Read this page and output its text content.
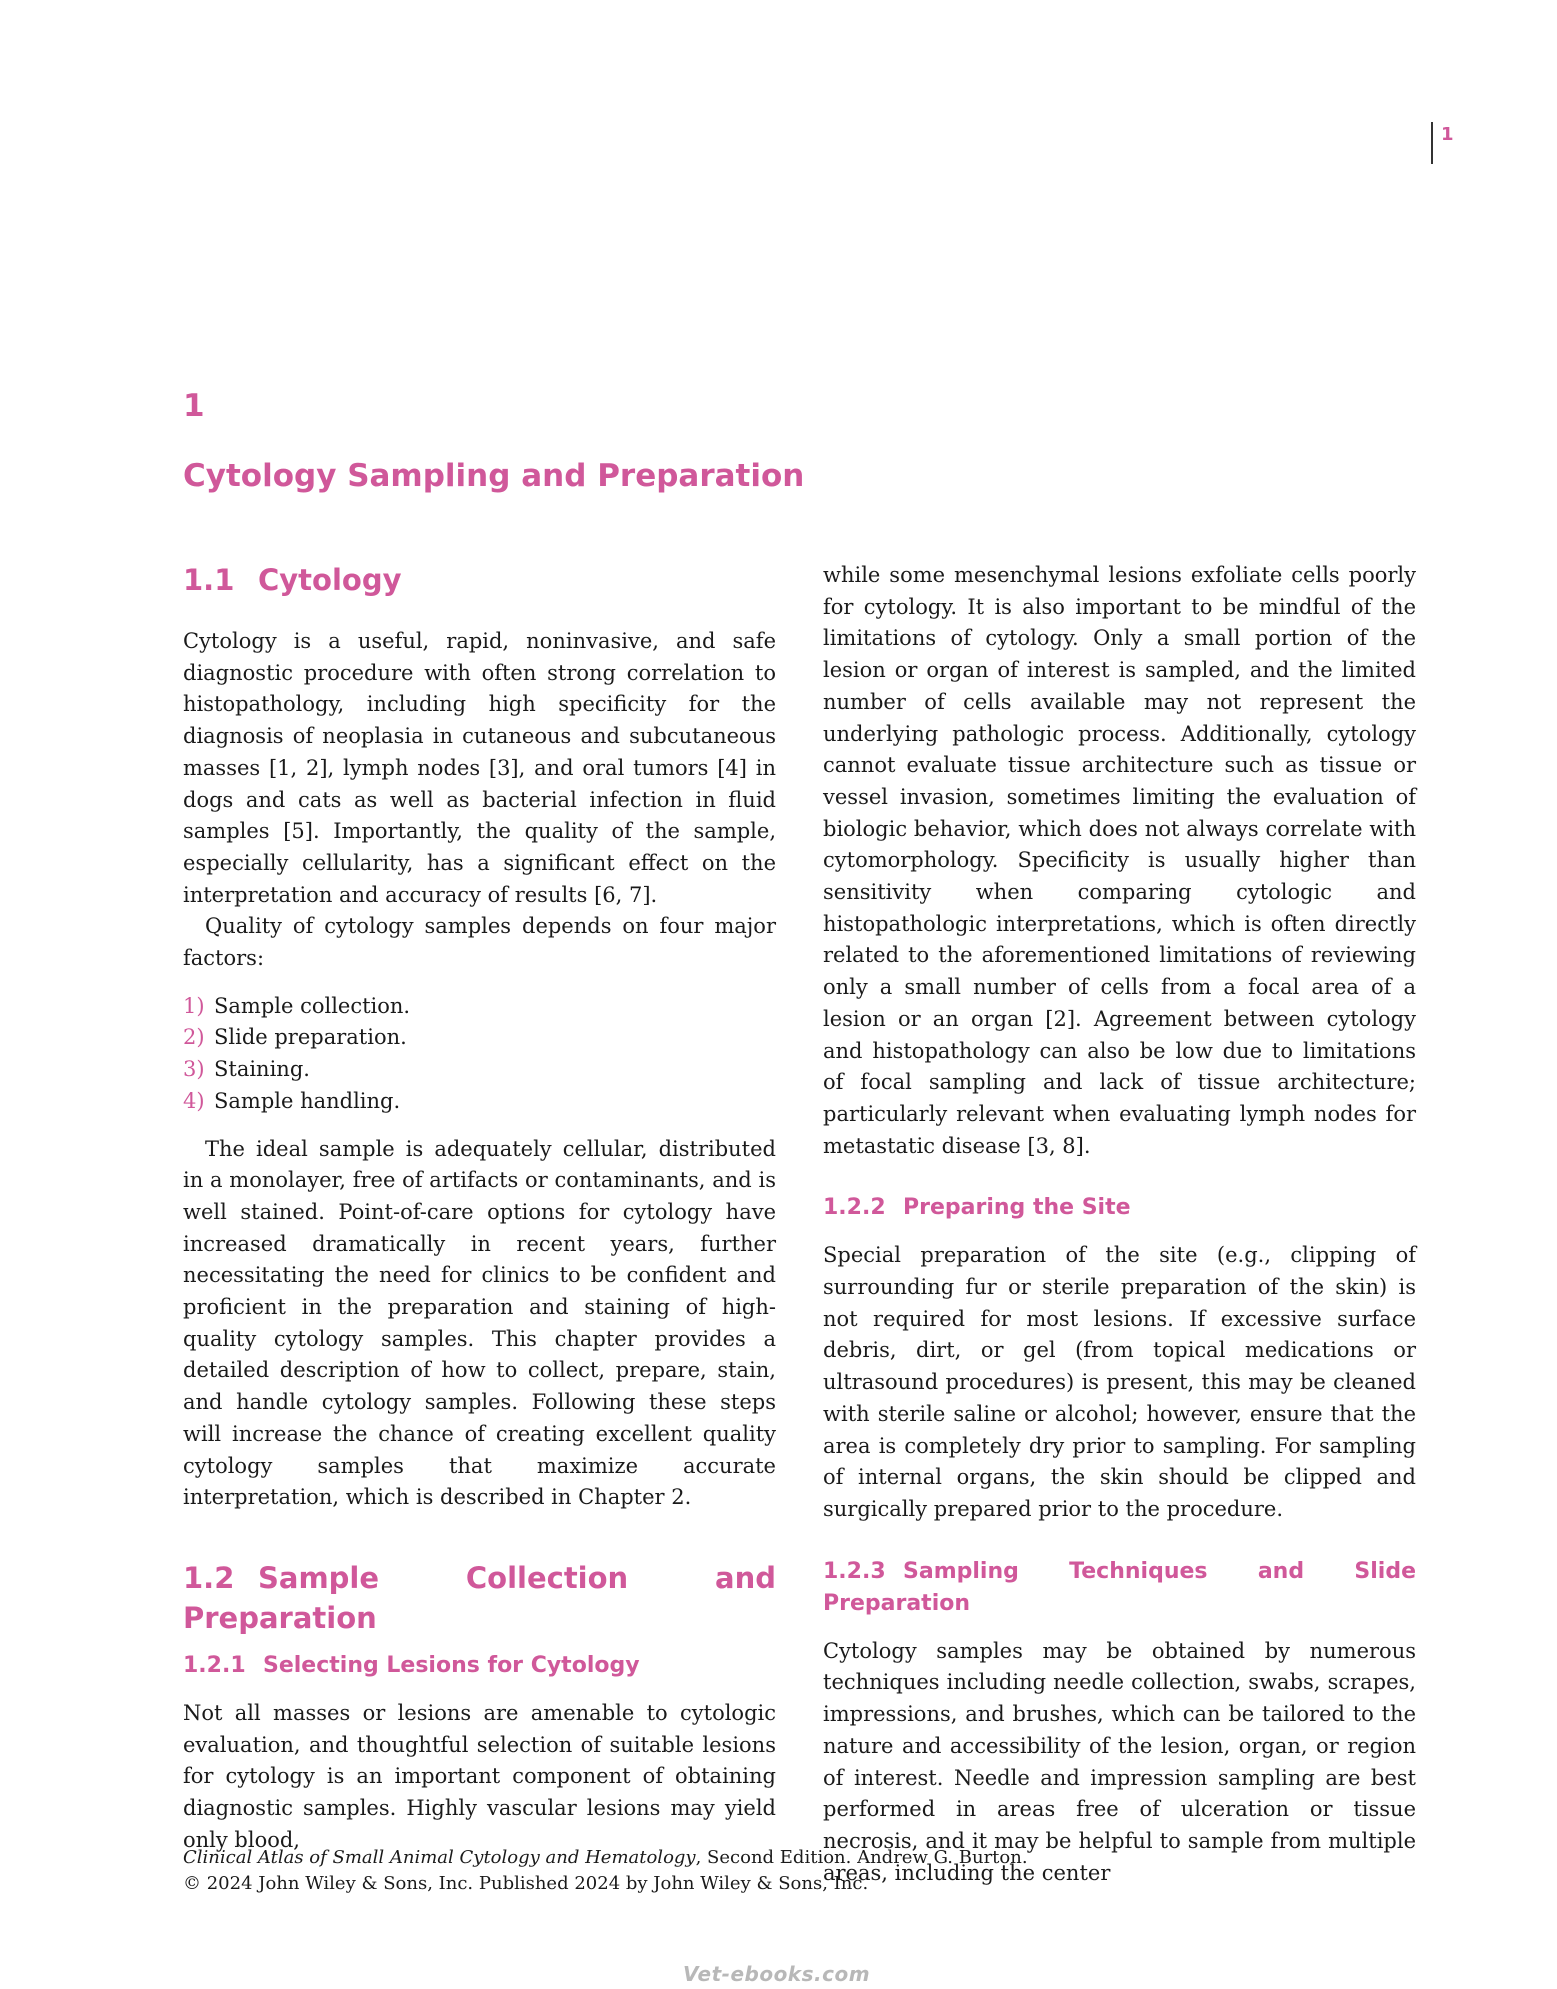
1
1
Cytology Sampling and Preparation
1.1 Cytology

Cytology is a useful, rapid, noninvasive, and safe diagnostic procedure with often strong correlation to histopathology, including high specificity for the diagnosis of neoplasia in cutaneous and subcutaneous masses [1, 2], lymph nodes [3], and oral tumors [4] in dogs and cats as well as bacterial infection in fluid samples [5]. Importantly, the quality of the sample, especially cellularity, has a significant effect on the interpretation and accuracy of results [6, 7].

Quality of cytology samples depends on four major factors:

1) Sample collection.
2) Slide preparation.
3) Staining.
4) Sample handling.

The ideal sample is adequately cellular, distributed in a monolayer, free of artifacts or contaminants, and is well stained. Point-of-care options for cytology have increased dramatically in recent years, further necessitating the need for clinics to be confident and proficient in the preparation and staining of high-quality cytology samples. This chapter provides a detailed description of how to collect, prepare, stain, and handle cytology samples. Following these steps will increase the chance of creating excellent quality cytology samples that maximize accurate interpretation, which is described in Chapter 2.

1.2 Sample Collection and Preparation
1.2.1 Selecting Lesions for Cytology

Not all masses or lesions are amenable to cytologic evaluation, and thoughtful selection of suitable lesions for cytology is an important component of obtaining diagnostic samples. Highly vascular lesions may yield only blood,

while some mesenchymal lesions exfoliate cells poorly for cytology. It is also important to be mindful of the limitations of cytology. Only a small portion of the lesion or organ of interest is sampled, and the limited number of cells available may not represent the underlying pathologic process. Additionally, cytology cannot evaluate tissue architecture such as tissue or vessel invasion, sometimes limiting the evaluation of biologic behavior, which does not always correlate with cytomorphology. Specificity is usually higher than sensitivity when comparing cytologic and histopathologic interpretations, which is often directly related to the aforementioned limitations of reviewing only a small number of cells from a focal area of a lesion or an organ [2]. Agreement between cytology and histopathology can also be low due to limitations of focal sampling and lack of tissue architecture; particularly relevant when evaluating lymph nodes for metastatic disease [3, 8].

1.2.2 Preparing the Site

Special preparation of the site (e.g., clipping of surrounding fur or sterile preparation of the skin) is not required for most lesions. If excessive surface debris, dirt, or gel (from topical medications or ultrasound procedures) is present, this may be cleaned with sterile saline or alcohol; however, ensure that the area is completely dry prior to sampling. For sampling of internal organs, the skin should be clipped and surgically prepared prior to the procedure.

1.2.3 Sampling Techniques and Slide Preparation

Cytology samples may be obtained by numerous techniques including needle collection, swabs, scrapes, impressions, and brushes, which can be tailored to the nature and accessibility of the lesion, organ, or region of interest. Needle and impression sampling are best performed in areas free of ulceration or tissue necrosis, and it may be helpful to sample from multiple areas, including the center

Clinical Atlas of Small Animal Cytology and Hematology, Second Edition. Andrew G. Burton.
© 2024 John Wiley & Sons, Inc. Published 2024 by John Wiley & Sons, Inc.
Vet-ebooks.com
